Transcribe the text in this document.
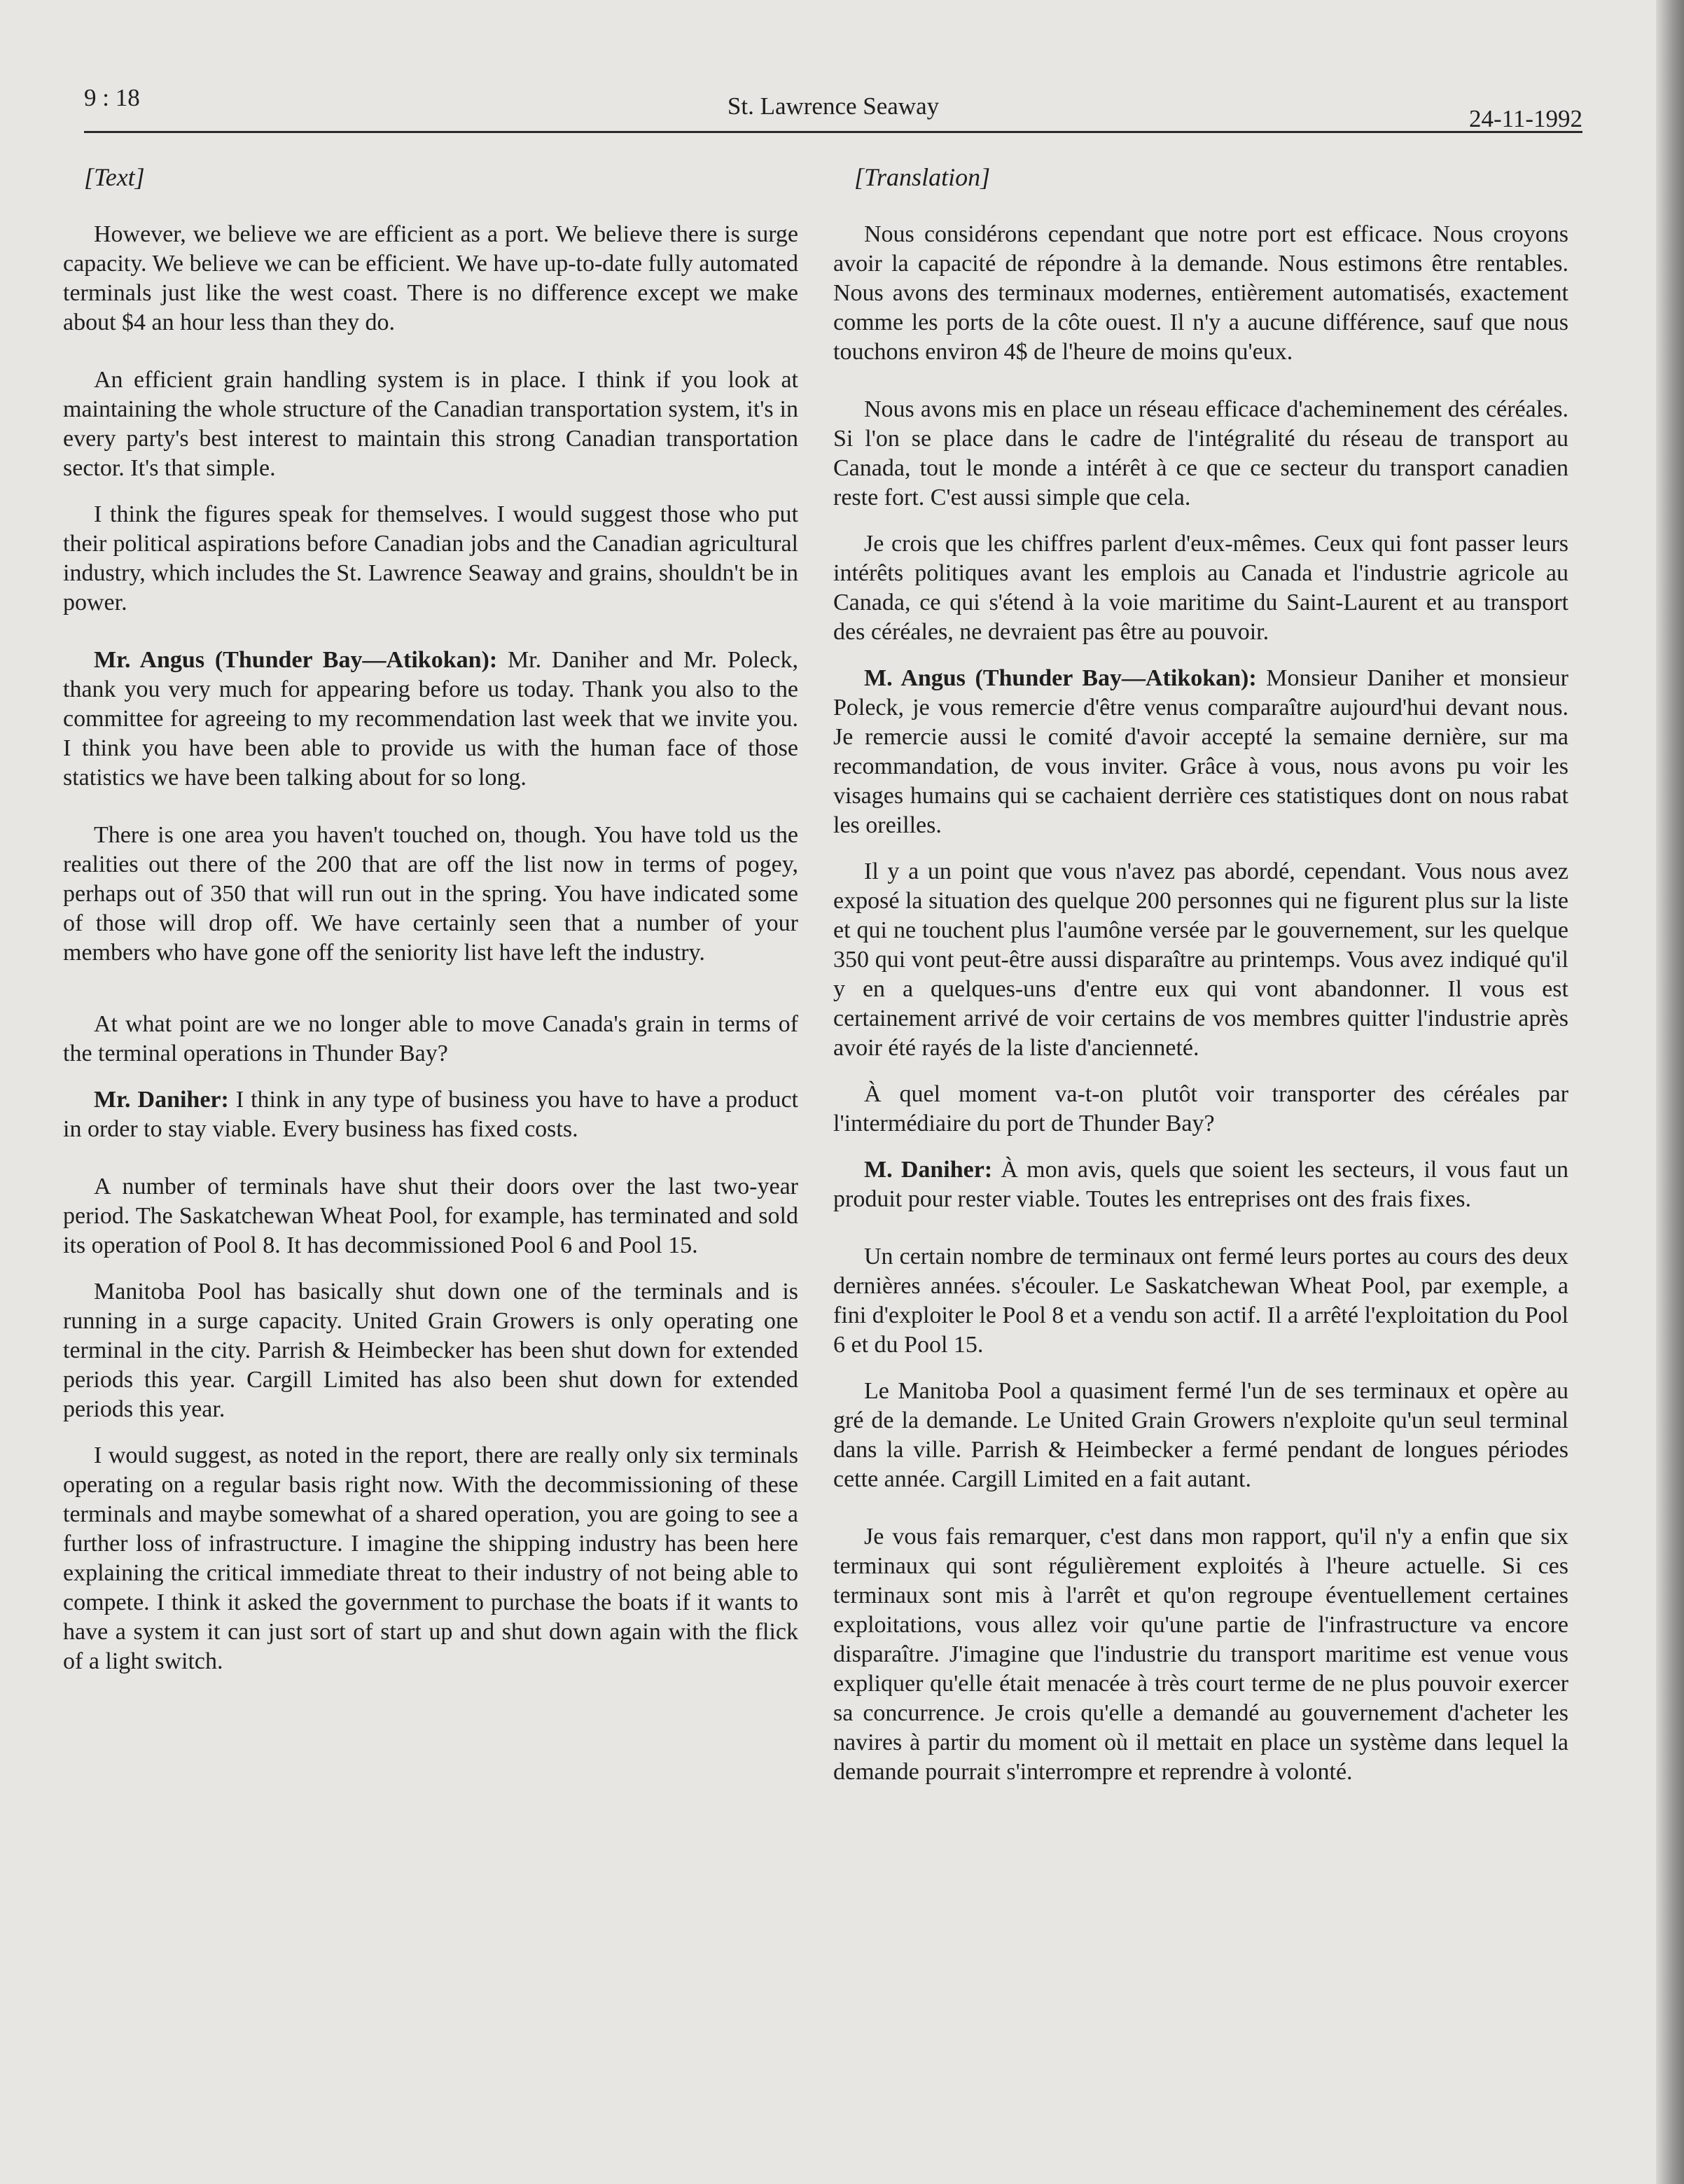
9 : 18	St. Lawrence Seaway	24-11-1992
[Text]

However, we believe we are efficient as a port. We believe there is surge capacity. We believe we can be efficient. We have up-to-date fully automated terminals just like the west coast. There is no difference except we make about $4 an hour less than they do.

An efficient grain handling system is in place. I think if you look at maintaining the whole structure of the Canadian transportation system, it's in every party's best interest to maintain this strong Canadian transportation sector. It's that simple.

I think the figures speak for themselves. I would suggest those who put their political aspirations before Canadian jobs and the Canadian agricultural industry, which includes the St. Lawrence Seaway and grains, shouldn't be in power.

Mr. Angus (Thunder Bay—Atikokan): Mr. Daniher and Mr. Poleck, thank you very much for appearing before us today. Thank you also to the committee for agreeing to my recommendation last week that we invite you. I think you have been able to provide us with the human face of those statistics we have been talking about for so long.

There is one area you haven't touched on, though. You have told us the realities out there of the 200 that are off the list now in terms of pogey, perhaps out of 350 that will run out in the spring. You have indicated some of those will drop off. We have certainly seen that a number of your members who have gone off the seniority list have left the industry.

At what point are we no longer able to move Canada's grain in terms of the terminal operations in Thunder Bay?

Mr. Daniher: I think in any type of business you have to have a product in order to stay viable. Every business has fixed costs.

A number of terminals have shut their doors over the last two-year period. The Saskatchewan Wheat Pool, for example, has terminated and sold its operation of Pool 8. It has decommissioned Pool 6 and Pool 15.

Manitoba Pool has basically shut down one of the terminals and is running in a surge capacity. United Grain Growers is only operating one terminal in the city. Parrish & Heimbecker has been shut down for extended periods this year. Cargill Limited has also been shut down for extended periods this year.

I would suggest, as noted in the report, there are really only six terminals operating on a regular basis right now. With the decommissioning of these terminals and maybe somewhat of a shared operation, you are going to see a further loss of infrastructure. I imagine the shipping industry has been here explaining the critical immediate threat to their industry of not being able to compete. I think it asked the government to purchase the boats if it wants to have a system it can just sort of start up and shut down again with the flick of a light switch.

[Translation]

Nous considérons cependant que notre port est efficace. Nous croyons avoir la capacité de répondre à la demande. Nous estimons être rentables. Nous avons des terminaux modernes, entièrement automatisés, exactement comme les ports de la côte ouest. Il n'y a aucune différence, sauf que nous touchons environ 4$ de l'heure de moins qu'eux.

Nous avons mis en place un réseau efficace d'acheminement des céréales. Si l'on se place dans le cadre de l'intégralité du réseau de transport au Canada, tout le monde a intérêt à ce que ce secteur du transport canadien reste fort. C'est aussi simple que cela.

Je crois que les chiffres parlent d'eux-mêmes. Ceux qui font passer leurs intérêts politiques avant les emplois au Canada et l'industrie agricole au Canada, ce qui s'étend à la voie maritime du Saint-Laurent et au transport des céréales, ne devraient pas être au pouvoir.

M. Angus (Thunder Bay—Atikokan): Monsieur Daniher et monsieur Poleck, je vous remercie d'être venus comparaître aujourd'hui devant nous. Je remercie aussi le comité d'avoir accepté la semaine dernière, sur ma recommandation, de vous inviter. Grâce à vous, nous avons pu voir les visages humains qui se cachaient derrière ces statistiques dont on nous rabat les oreilles.

Il y a un point que vous n'avez pas abordé, cependant. Vous nous avez exposé la situation des quelque 200 personnes qui ne figurent plus sur la liste et qui ne touchent plus l'aumône versée par le gouvernement, sur les quelque 350 qui vont peut-être aussi disparaître au printemps. Vous avez indiqué qu'il y en a quelques-uns d'entre eux qui vont abandonner. Il vous est certainement arrivé de voir certains de vos membres quitter l'industrie après avoir été rayés de la liste d'ancienneté.

À quel moment va-t-on plutôt voir transporter des céréales par l'intermédiaire du port de Thunder Bay?

M. Daniher: À mon avis, quels que soient les secteurs, il vous faut un produit pour rester viable. Toutes les entreprises ont des frais fixes.

Un certain nombre de terminaux ont fermé leurs portes au cours des deux dernières années. s'écouler. Le Saskatchewan Wheat Pool, par exemple, a fini d'exploiter le Pool 8 et a vendu son actif. Il a arrêté l'exploitation du Pool 6 et du Pool 15.

Le Manitoba Pool a quasiment fermé l'un de ses terminaux et opère au gré de la demande. Le United Grain Growers n'exploite qu'un seul terminal dans la ville. Parrish & Heimbecker a fermé pendant de longues périodes cette année. Cargill Limited en a fait autant.

Je vous fais remarquer, c'est dans mon rapport, qu'il n'y a enfin que six terminaux qui sont régulièrement exploités à l'heure actuelle. Si ces terminaux sont mis à l'arrêt et qu'on regroupe éventuellement certaines exploitations, vous allez voir qu'une partie de l'infrastructure va encore disparaître. J'imagine que l'industrie du transport maritime est venue vous expliquer qu'elle était menacée à très court terme de ne plus pouvoir exercer sa concurrence. Je crois qu'elle a demandé au gouvernement d'acheter les navires à partir du moment où il mettait en place un système dans lequel la demande pourrait s'interrompre et reprendre à volonté.
